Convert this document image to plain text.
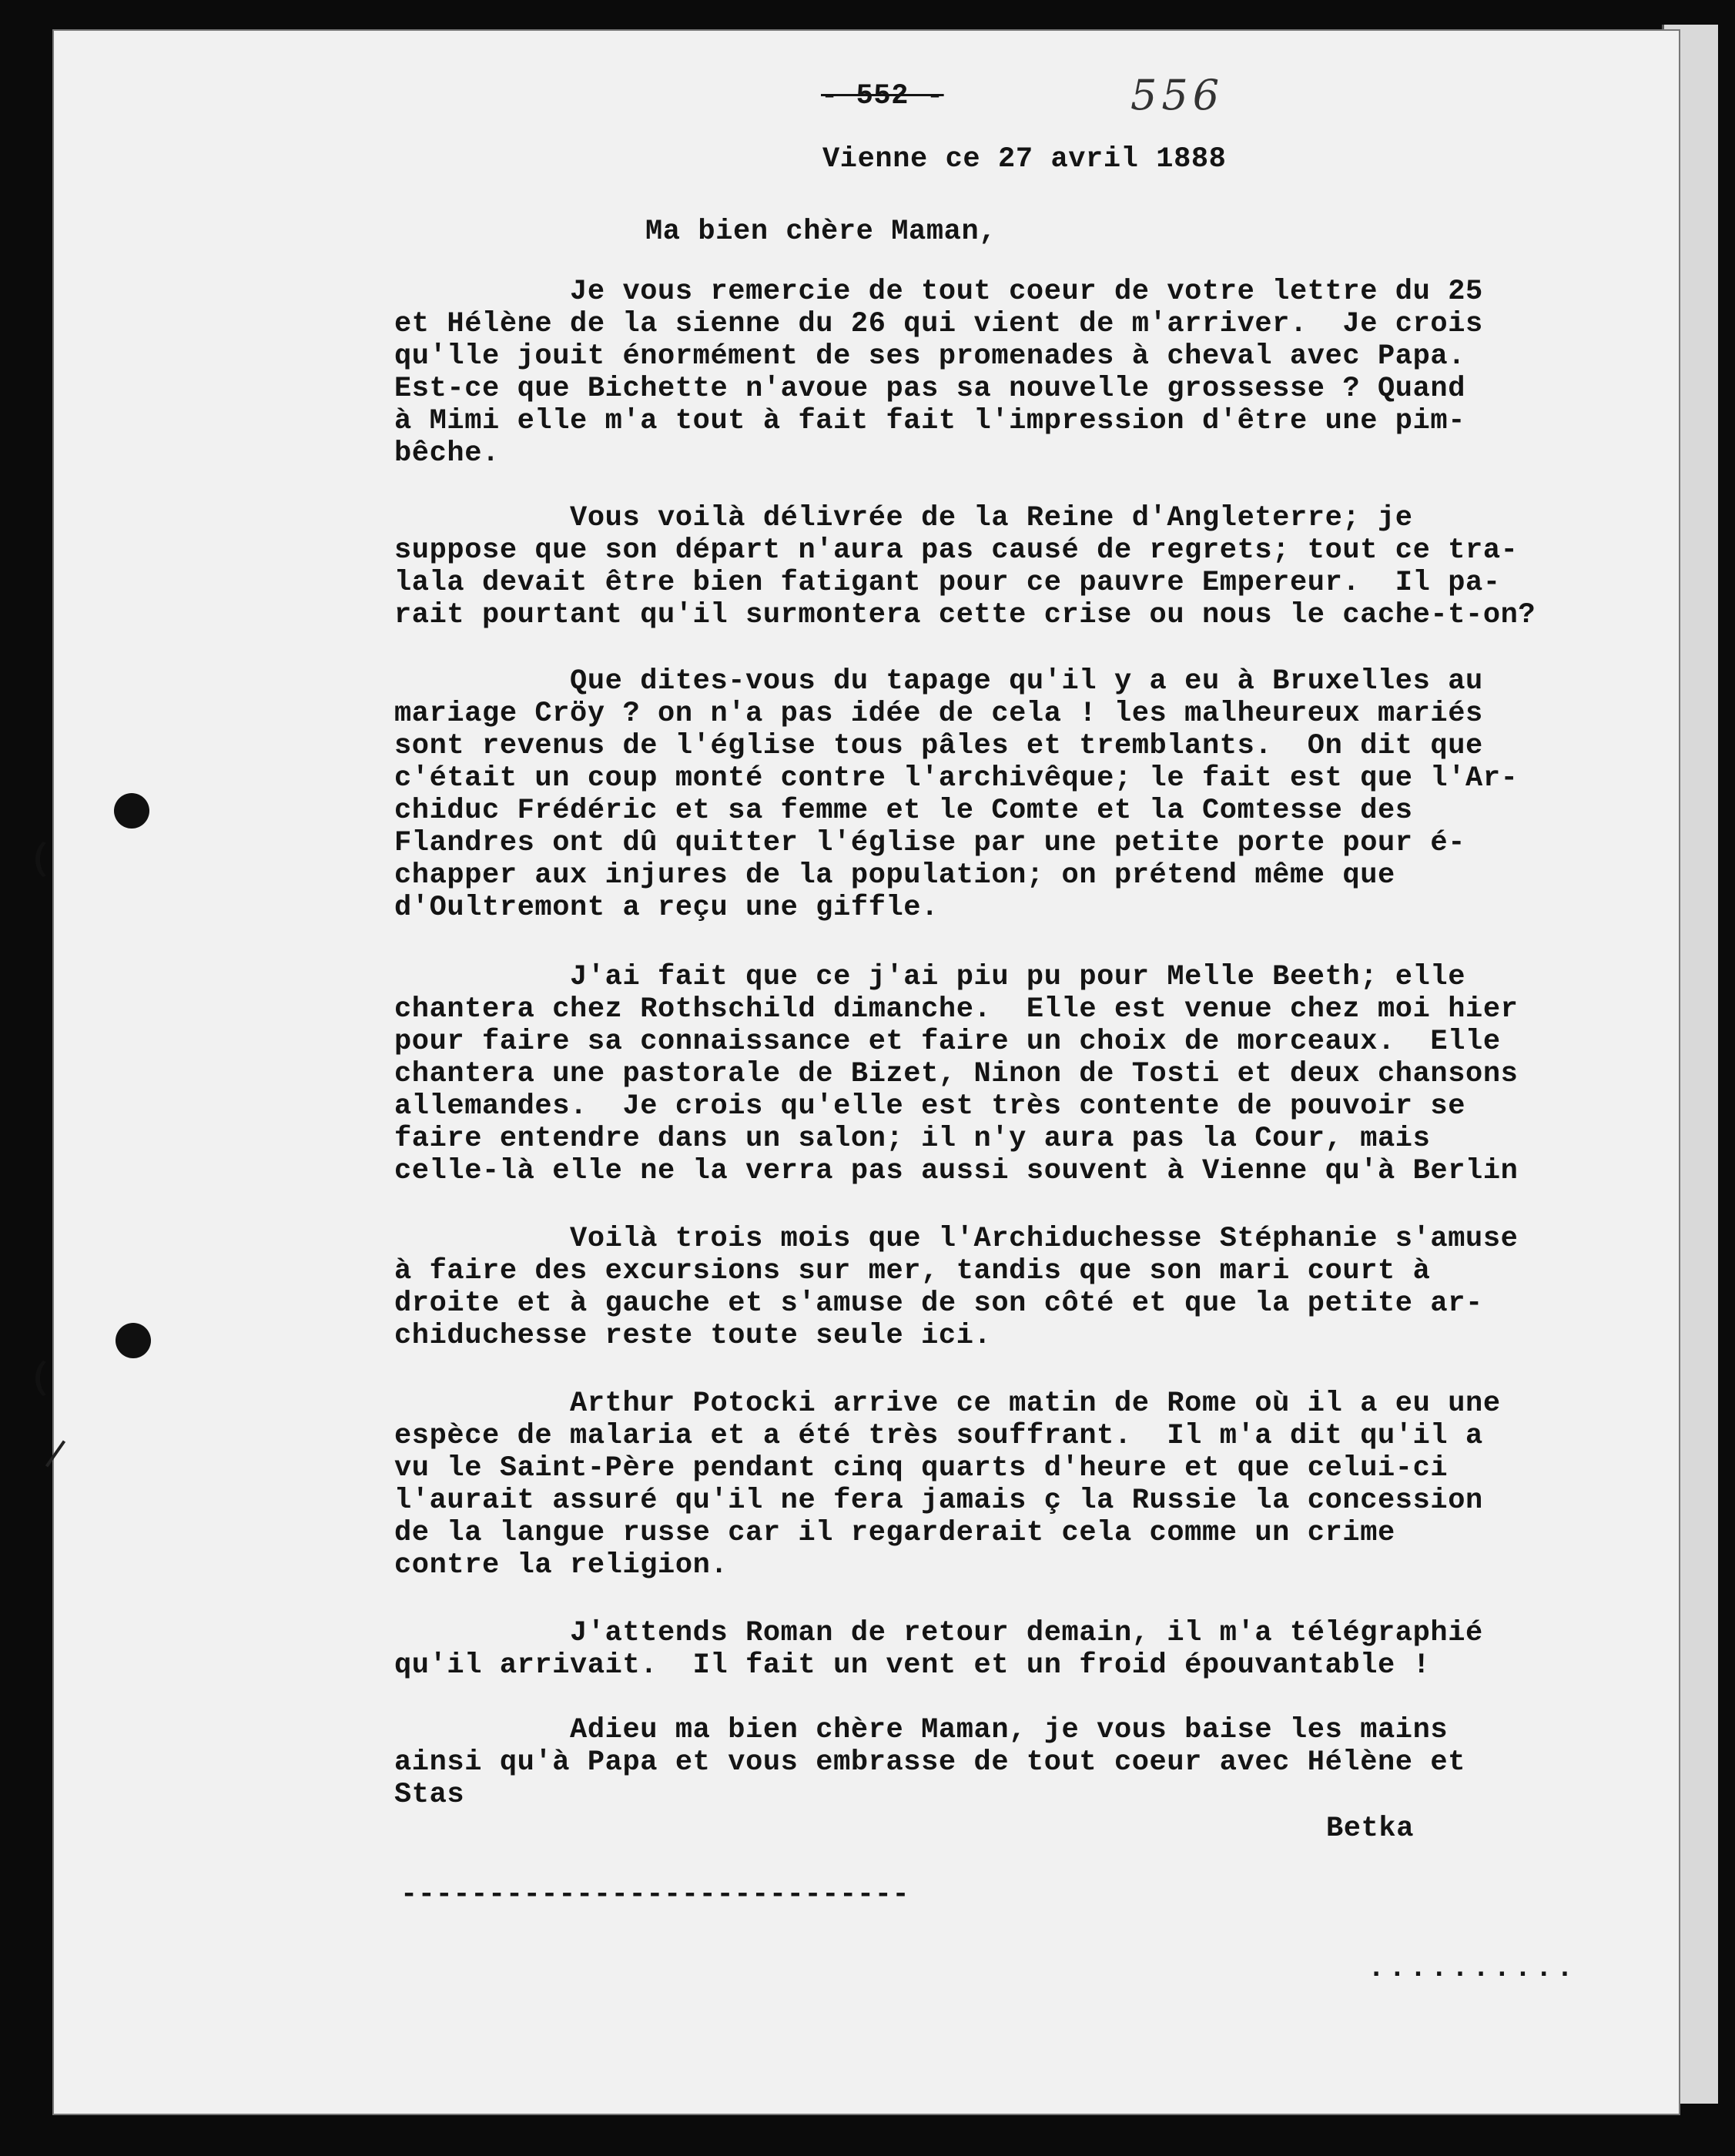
- 552 -	556
Vienne ce 27 avril 1888
Ma bien chère Maman,
Je vous remercie de tout coeur de votre lettre du 25
et Hélène de la sienne du 26 qui vient de m'arriver.  Je crois
qu'lle jouit énormément de ses promenades à cheval avec Papa.
Est-ce que Bichette n'avoue pas sa nouvelle grossesse ? Quand
à Mimi elle m'a tout à fait fait l'impression d'être une pim-
bêche.
Vous voilà délivrée de la Reine d'Angleterre; je
suppose que son départ n'aura pas causé de regrets; tout ce tra-
lala devait être bien fatigant pour ce pauvre Empereur.  Il pa-
rait pourtant qu'il surmontera cette crise ou nous le cache-t-on?
Que dites-vous du tapage qu'il y a eu à Bruxelles au
mariage Cröy ? on n'a pas idée de cela ! les malheureux mariés
sont revenus de l'église tous pâles et tremblants.  On dit que
c'était un coup monté contre l'archivêque; le fait est que l'Ar-
chiduc Frédéric et sa femme et le Comte et la Comtesse des
Flandres ont dû quitter l'église par une petite porte pour é-
chapper aux injures de la population; on prétend même que
d'Oultremont a reçu une giffle.
J'ai fait que ce j'ai piu pu pour Melle Beeth; elle
chantera chez Rothschild dimanche.  Elle est venue chez moi hier
pour faire sa connaissance et faire un choix de morceaux.  Elle
chantera une pastorale de Bizet, Ninon de Tosti et deux chansons
allemandes.  Je crois qu'elle est très contente de pouvoir se
faire entendre dans un salon; il n'y aura pas la Cour, mais
celle-là elle ne la verra pas aussi souvent à Vienne qu'à Berlin
Voilà trois mois que l'Archiduchesse Stéphanie s'amuse
à faire des excursions sur mer, tandis que son mari court à
droite et à gauche et s'amuse de son côté et que la petite ar-
chiduchesse reste toute seule ici.
Arthur Potocki arrive ce matin de Rome où il a eu une
espèce de malaria et a été très souffrant.  Il m'a dit qu'il a
vu le Saint-Père pendant cinq quarts d'heure et que celui-ci
l'aurait assuré qu'il ne fera jamais ç la Russie la concession
de la langue russe car il regarderait cela comme un crime
contre la religion.
J'attends Roman de retour demain, il m'a télégraphié
qu'il arrivait.  Il fait un vent et un froid épouvantable !
Adieu ma bien chère Maman, je vous baise les mains
ainsi qu'à Papa et vous embrasse de tout coeur avec Hélène et
Stas
Betka
-----------------------------
..........
